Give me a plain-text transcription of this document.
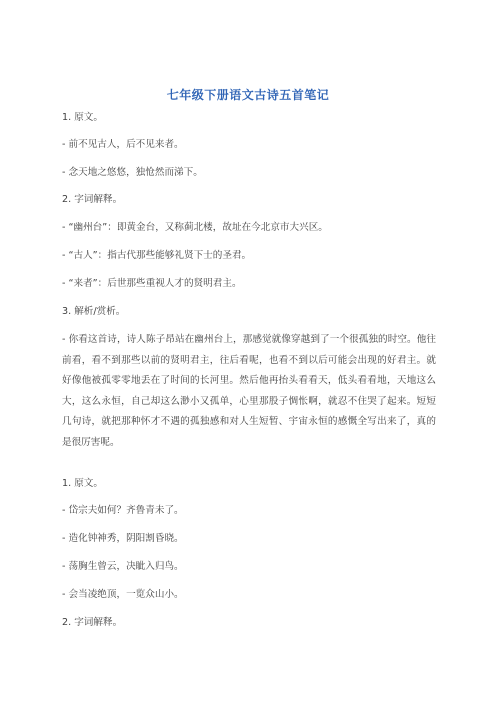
七年级下册语文古诗五首笔记
1. 原文。
- 前不见古人，后不见来者。
- 念天地之悠悠，独怆然而涕下。
2. 字词解释。
- “幽州台”：即黄金台，又称蓟北楼，故址在今北京市大兴区。
- “古人”：指古代那些能够礼贤下士的圣君。
- “来者”：后世那些重视人才的贤明君主。
3. 解析/赏析。
- 你看这首诗，诗人陈子昂站在幽州台上，那感觉就像穿越到了一个很孤独的时空。他往前看，看不到那些以前的贤明君主，往后看呢，也看不到以后可能会出现的好君主。就好像他被孤零零地丢在了时间的长河里。然后他再抬头看看天，低头看看地，天地这么大，这么永恒，自己却这么渺小又孤单，心里那股子惆怅啊，就忍不住哭了起来。短短几句诗，就把那种怀才不遇的孤独感和对人生短暂、宇宙永恒的感慨全写出来了，真的是很厉害呢。
1. 原文。
- 岱宗夫如何？齐鲁青未了。
- 造化钟神秀，阴阳割昏晓。
- 荡胸生曾云，决眦入归鸟。
- 会当凌绝顶，一览众山小。
2. 字词解释。
